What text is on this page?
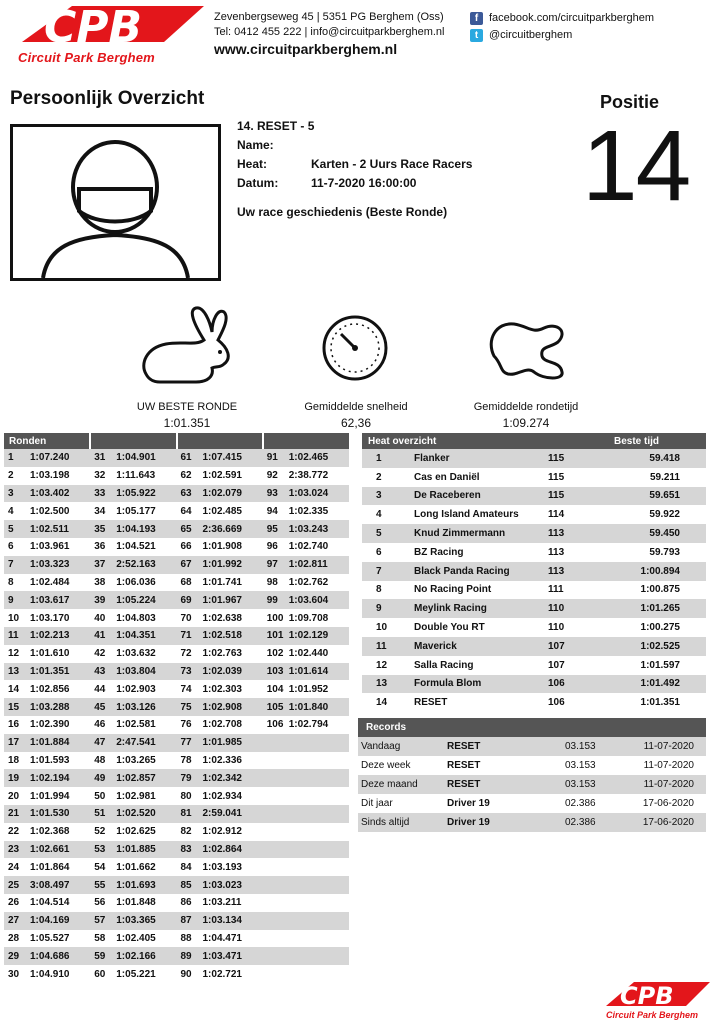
CPB
Circuit Park Berghem
Zevenbergseweg 45 | 5351 PG Berghem (Oss)
Tel: 0412 455 222 | info@circuitparkberghem.nl
www.circuitparkberghem.nl
f facebook.com/circuitparkberghem
t @circuitberghem
Persoonlijk Overzicht	Positie
14
14. RESET - 5
Name:
Heat:	Karten - 2 Uurs Race Racers
Datum:	11-7-2020 16:00:00
Uw race geschiedenis (Beste Ronde)
UW BESTE RONDE
1:01.351
Gemiddelde snelheid
62,36
Gemiddelde rondetijd
1:09.274
Ronden			
1 1:07.240	31 1:04.901	61 1:07.415	91 1:02.465
2 1:03.198	32 1:11.643	62 1:02.591	92 2:38.772
3 1:03.402	33 1:05.922	63 1:02.079	93 1:03.024
4 1:02.500	34 1:05.177	64 1:02.485	94 1:02.335
5 1:02.511	35 1:04.193	65 2:36.669	95 1:03.243
6 1:03.961	36 1:04.521	66 1:01.908	96 1:02.740
7 1:03.323	37 2:52.163	67 1:01.992	97 1:02.811
8 1:02.484	38 1:06.036	68 1:01.741	98 1:02.762
9 1:03.617	39 1:05.224	69 1:01.967	99 1:03.604
10 1:03.170	40 1:04.803	70 1:02.638	100 1:09.708
11 1:02.213	41 1:04.351	71 1:02.518	101 1:02.129
12 1:01.610	42 1:03.632	72 1:02.763	102 1:02.440
13 1:01.351	43 1:03.804	73 1:02.039	103 1:01.614
14 1:02.856	44 1:02.903	74 1:02.303	104 1:01.952
15 1:03.288	45 1:03.126	75 1:02.908	105 1:01.840
16 1:02.390	46 1:02.581	76 1:02.708	106 1:02.794
17 1:01.884	47 2:47.541	77 1:01.985	
18 1:01.593	48 1:03.265	78 1:02.336	
19 1:02.194	49 1:02.857	79 1:02.342	
20 1:01.994	50 1:02.981	80 1:02.934	
21 1:01.530	51 1:02.520	81 2:59.041	
22 1:02.368	52 1:02.625	82 1:02.912	
23 1:02.661	53 1:01.885	83 1:02.864	
24 1:01.864	54 1:01.662	84 1:03.193	
25 3:08.497	55 1:01.693	85 1:03.023	
26 1:04.514	56 1:01.848	86 1:03.211	
27 1:04.169	57 1:03.365	87 1:03.134	
28 1:05.527	58 1:02.405	88 1:04.471	
29 1:04.686	59 1:02.166	89 1:03.471	
30 1:04.910	60 1:05.221	90 1:02.721	
Heat overzicht			Beste tijd
1	Flanker	115	59.418
2	Cas en Daniël	115	59.211
3	De Raceberen	115	59.651
4	Long Island Amateurs	114	59.922
5	Knud Zimmermann	113	59.450
6	BZ Racing	113	59.793
7	Black Panda Racing	113	1:00.894
8	No Racing Point	111	1:00.875
9	Meylink Racing	110	1:01.265
10	Double You RT	110	1:00.275
11	Maverick	107	1:02.525
12	Salla Racing	107	1:01.597
13	Formula Blom	106	1:01.492
14	RESET	106	1:01.351
Records			
Vandaag	RESET	03.153	11-07-2020
Deze week	RESET	03.153	11-07-2020
Deze maand	RESET	03.153	11-07-2020
Dit jaar	Driver 19	02.386	17-06-2020
Sinds altijd	Driver 19	02.386	17-06-2020
CPB
Circuit Park Berghem
